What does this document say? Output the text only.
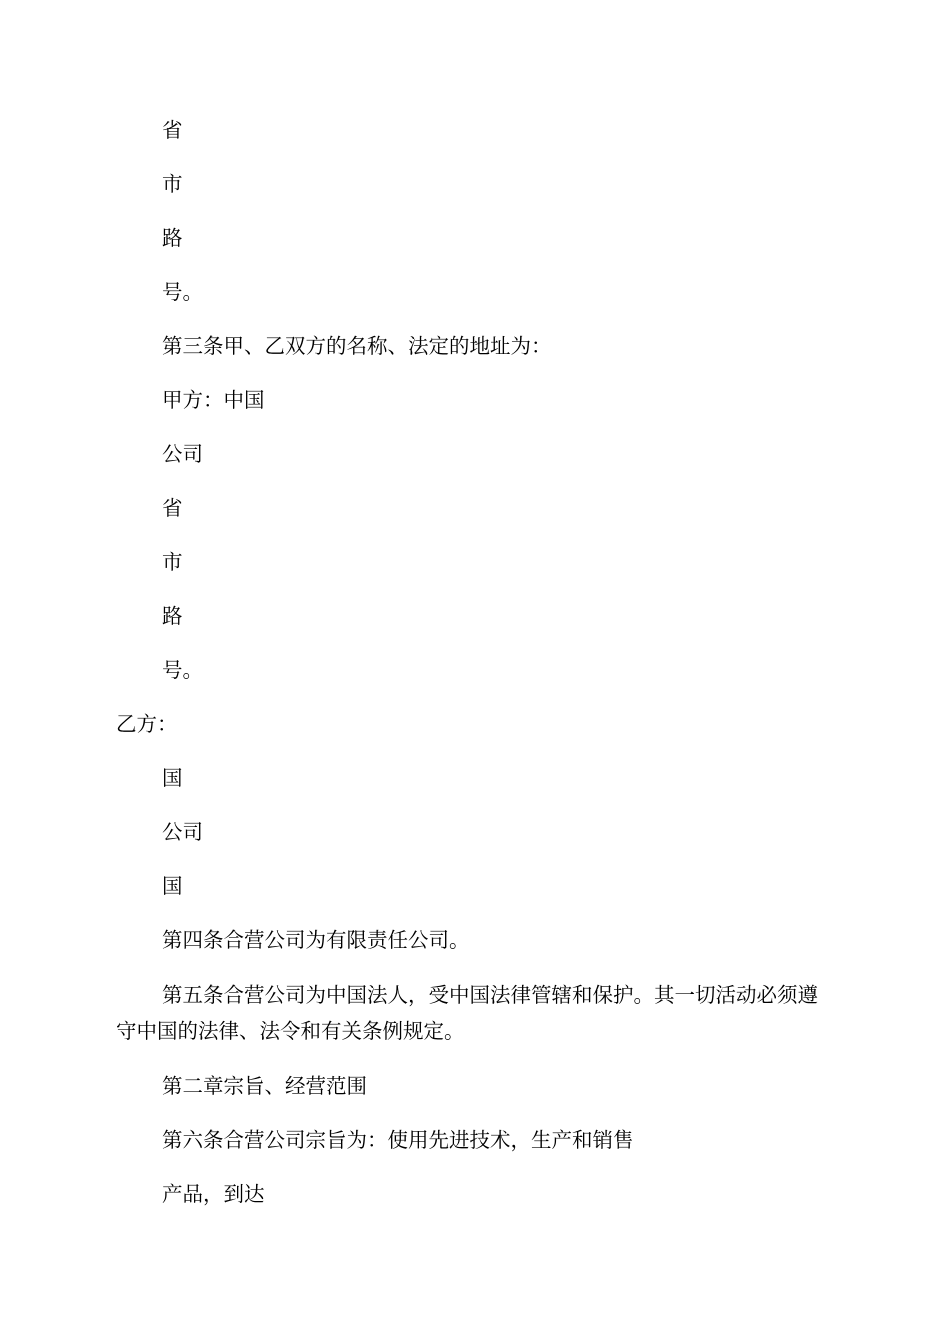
省

市

路

号。

第三条甲、乙双方的名称、法定的地址为：

甲方：中国

公司

省

市

路

号。

乙方：

国

公司

国

第四条合营公司为有限责任公司。

第五条合营公司为中国法人，受中国法律管辖和保护。其一切活动必须遵守中国的法律、法令和有关条例规定。

第二章宗旨、经营范围

第六条合营公司宗旨为：使用先进技术，生产和销售

产品，到达
